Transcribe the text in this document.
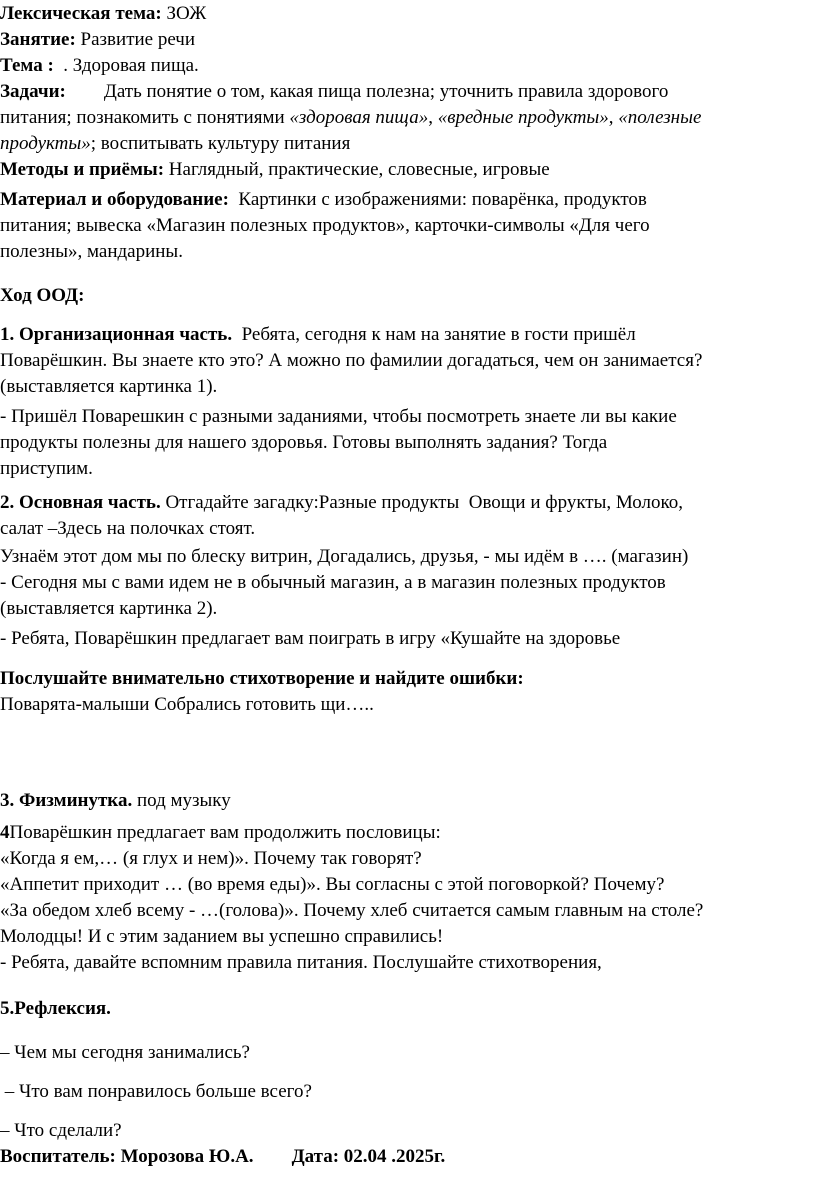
Лексическая тема: ЗОЖ
Занятие: Развитие речи
Тема :  . Здоровая пища.
Задачи: Дать понятие о том, какая пища полезна; уточнить правила здорового
питания; познакомить с понятиями «здоровая пища», «вредные продукты», «полезные
продукты»; воспитывать культуру питания
Методы и приёмы: Наглядный, практические, словесные, игровые
Материал и оборудование:  Картинки с изображениями: поварёнка, продуктов
питания; вывеска «Магазин полезных продуктов», карточки-символы «Для чего
полезны», мандарины.
Ход ООД:
1. Организационная часть.  Ребята, сегодня к нам на занятие в гости пришёл
Поварёшкин. Вы знаете кто это? А можно по фамилии догадаться, чем он занимается?
(выставляется картинка 1).
- Пришёл Поварешкин с разными заданиями, чтобы посмотреть знаете ли вы какие
продукты полезны для нашего здоровья. Готовы выполнять задания? Тогда
приступим.
2. Основная часть. Отгадайте загадку:Разные продукты  Овощи и фрукты, Молоко,
салат –Здесь на полочках стоят.
Узнаём этот дом мы по блеску витрин, Догадались, друзья, - мы идём в …. (магазин)
- Сегодня мы с вами идем не в обычный магазин, а в магазин полезных продуктов
(выставляется картинка 2).
- Ребята, Поварёшкин предлагает вам поиграть в игру «Кушайте на здоровье
Послушайте внимательно стихотворение и найдите ошибки:
Поварята-малыши Собрались готовить щи…..
3. Физминутка. под музыку
4Поварёшкин предлагает вам продолжить пословицы:
«Когда я ем,… (я глух и нем)». Почему так говорят?
«Аппетит приходит … (во время еды)». Вы согласны с этой поговоркой? Почему?
«За обедом хлеб всему - …(голова)». Почему хлеб считается самым главным на столе?
Молодцы! И с этим заданием вы успешно справились!
- Ребята, давайте вспомним правила питания. Послушайте стихотворения,
5.Рефлексия.
– Чем мы сегодня занимались?
– Что вам понравилось больше всего?
– Что сделали?
Воспитатель: Морозова Ю.А. Дата: 02.04 .2025г.
